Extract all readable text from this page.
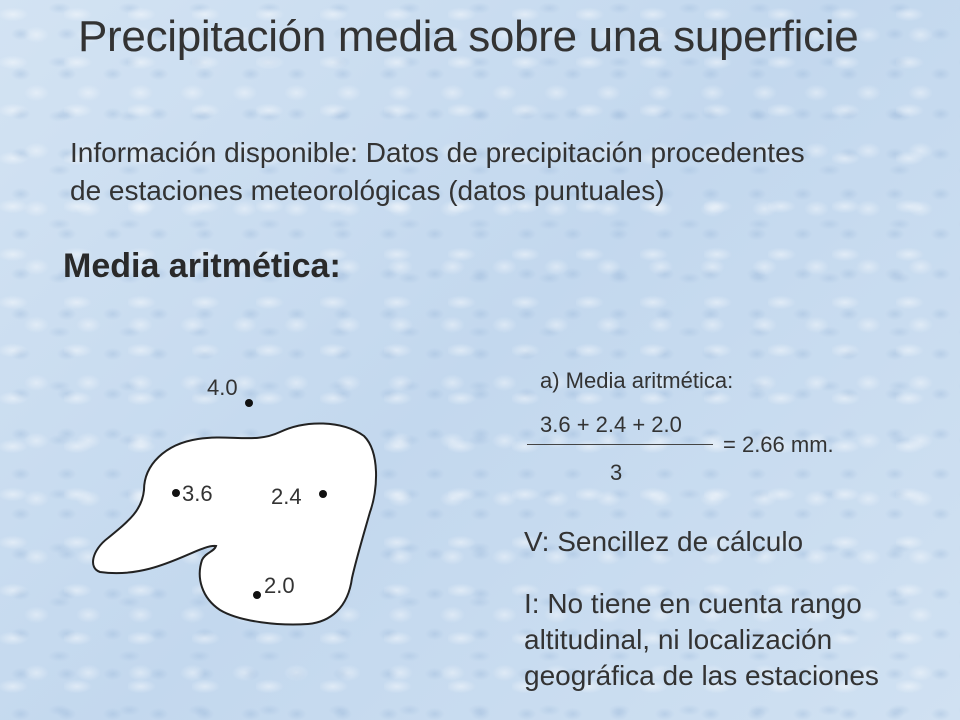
Precipitación media sobre una superficie
Información disponible: Datos de precipitación procedentes
de estaciones meteorológicas (datos puntuales)
Media aritmética:
4.0
3.6	2.4
2.0
a) Media aritmética:
3.6 + 2.4 + 2.0
3
= 2.66 mm.
V: Sencillez de cálculo
I: No tiene en cuenta rango
altitudinal, ni localización
geográfica de las estaciones
